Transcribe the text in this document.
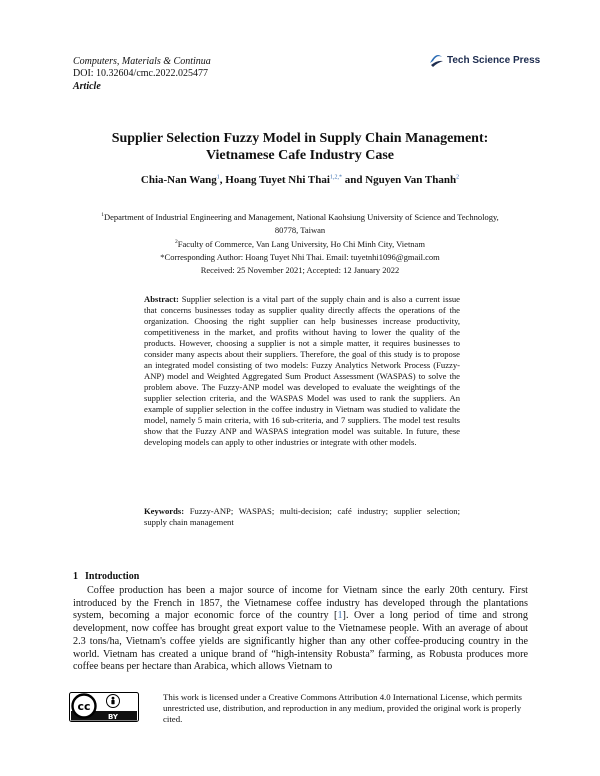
Computers, Materials & Continua
DOI: 10.32604/cmc.2022.025477
Article
Tech Science Press
Supplier Selection Fuzzy Model in Supply Chain Management: Vietnamese Cafe Industry Case
Chia-Nan Wang$^1$, Hoang Tuyet Nhi Thai$^{1,2,*}$ and Nguyen Van Thanh$^2$
$^1$Department of Industrial Engineering and Management, National Kaohsiung University of Science and Technology,
80778, Taiwan
$^2$Faculty of Commerce, Van Lang University, Ho Chi Minh City, Vietnam
*Corresponding Author: Hoang Tuyet Nhi Thai. Email: tuyetnhi1096@gmail.com
Received: 25 November 2021; Accepted: 12 January 2022
Abstract: Supplier selection is a vital part of the supply chain and is also a current issue that concerns businesses today as supplier quality directly affects the operations of the organization. Choosing the right supplier can help businesses increase productivity, competitiveness in the market, and profits without having to lower the quality of the products. However, choosing a supplier is not a simple matter, it requires businesses to consider many aspects about their suppliers. Therefore, the goal of this study is to propose an integrated model consisting of two models: Fuzzy Analytics Network Process (Fuzzy-ANP) model and Weighted Aggregated Sum Product Assessment (WASPAS) to solve the problem above. The Fuzzy-ANP model was developed to evaluate the weightings of the supplier selection criteria, and the WASPAS Model was used to rank the suppliers. An example of supplier selection in the coffee industry in Vietnam was studied to validate the model, namely 5 main criteria, with 16 sub-criteria, and 7 suppliers. The model test results show that the Fuzzy ANP and WASPAS integration model was suitable. In future, these developing models can apply to other industries or integrate with other models.
Keywords: Fuzzy-ANP; WASPAS; multi-decision; café industry; supplier selection; supply chain management
1 Introduction
Coffee production has been a major source of income for Vietnam since the early 20th century. First introduced by the French in 1857, the Vietnamese coffee industry has developed through the plantations system, becoming a major economic force of the country [1]. Over a long period of time and strong development, now coffee has brought great export value to the Vietnamese people. With an average of about 2.3 tons/ha, Vietnam's coffee yields are significantly higher than any other coffee-producing country in the world. Vietnam has created a unique brand of “high-intensity Robusta” farming, as Robusta produces more coffee beans per hectare than Arabica, which allows Vietnam to
cc
BY
This work is licensed under a Creative Commons Attribution 4.0 International License, which permits unrestricted use, distribution, and reproduction in any medium, provided the original work is properly cited.
